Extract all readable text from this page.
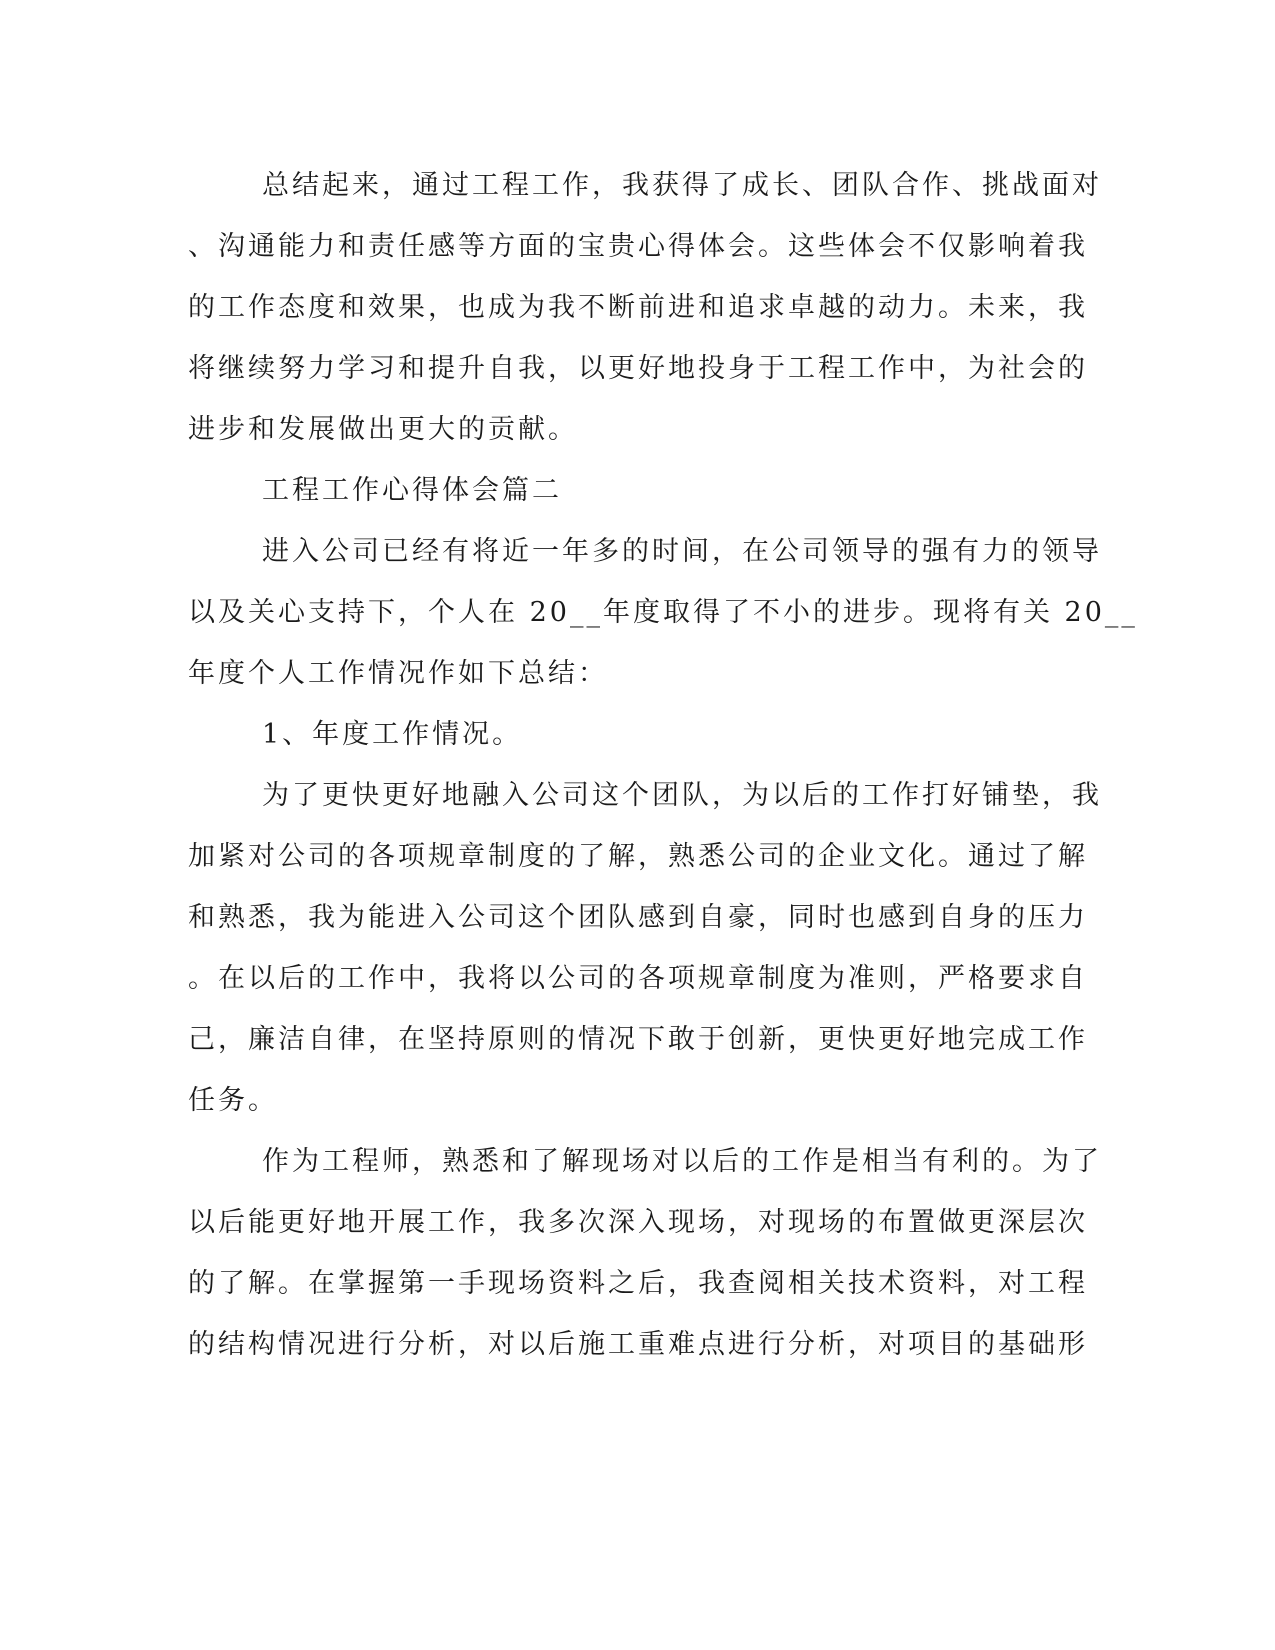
总结起来，通过工程工作，我获得了成长、团队合作、挑战面对
、沟通能力和责任感等方面的宝贵心得体会。这些体会不仅影响着我
的工作态度和效果，也成为我不断前进和追求卓越的动力。未来，我
将继续努力学习和提升自我，以更好地投身于工程工作中，为社会的
进步和发展做出更大的贡献。
工程工作心得体会篇二
进入公司已经有将近一年多的时间，在公司领导的强有力的领导
以及关心支持下，个人在 20__年度取得了不小的进步。现将有关 20__
年度个人工作情况作如下总结：
1、年度工作情况。
为了更快更好地融入公司这个团队，为以后的工作打好铺垫，我
加紧对公司的各项规章制度的了解，熟悉公司的企业文化。通过了解
和熟悉，我为能进入公司这个团队感到自豪，同时也感到自身的压力
。在以后的工作中，我将以公司的各项规章制度为准则，严格要求自
己，廉洁自律，在坚持原则的情况下敢于创新，更快更好地完成工作
任务。
作为工程师，熟悉和了解现场对以后的工作是相当有利的。为了
以后能更好地开展工作，我多次深入现场，对现场的布置做更深层次
的了解。在掌握第一手现场资料之后，我查阅相关技术资料，对工程
的结构情况进行分析，对以后施工重难点进行分析，对项目的基础形
